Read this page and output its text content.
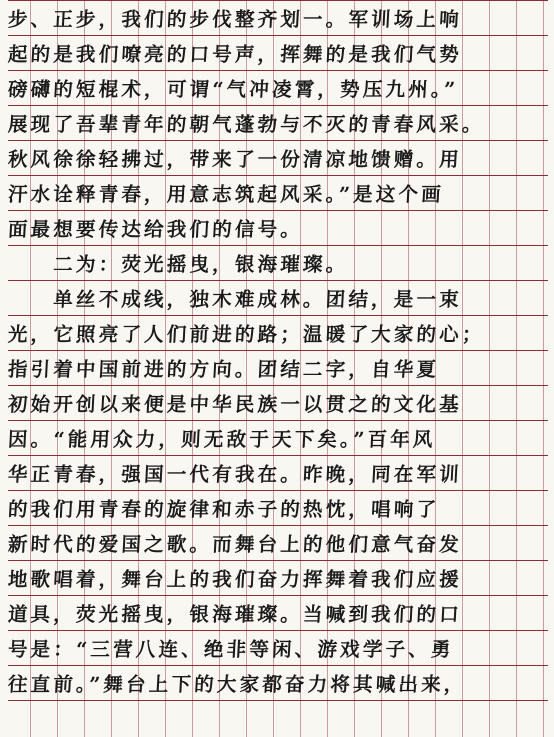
步、正步，我们的步伐整齐划一。军训场上响
起的是我们嘹亮的口号声，挥舞的是我们气势
磅礴的短棍术，可谓“气冲凌霄，势压九州。”
展现了吾辈青年的朝气蓬勃与不灭的青春风采。
秋风徐徐轻拂过，带来了一份清凉地馈赠。用
汗水诠释青春，用意志筑起风采。”是这个画
面最想要传达给我们的信号。
　　二为：荧光摇曳，银海璀璨。
　　单丝不成线，独木难成林。团结，是一束
光，它照亮了人们前进的路；温暖了大家的心；
指引着中国前进的方向。团结二字，自华夏
初始开创以来便是中华民族一以贯之的文化基
因。“能用众力，则无敌于天下矣。”百年风
华正青春，强国一代有我在。昨晚，同在军训
的我们用青春的旋律和赤子的热忱，唱响了
新时代的爱国之歌。而舞台上的他们意气奋发
地歌唱着，舞台上的我们奋力挥舞着我们应援
道具，荧光摇曳，银海璀璨。当喊到我们的口
号是：“三营八连、绝非等闲、游戏学子、勇
往直前。”舞台上下的大家都奋力将其喊出来，
